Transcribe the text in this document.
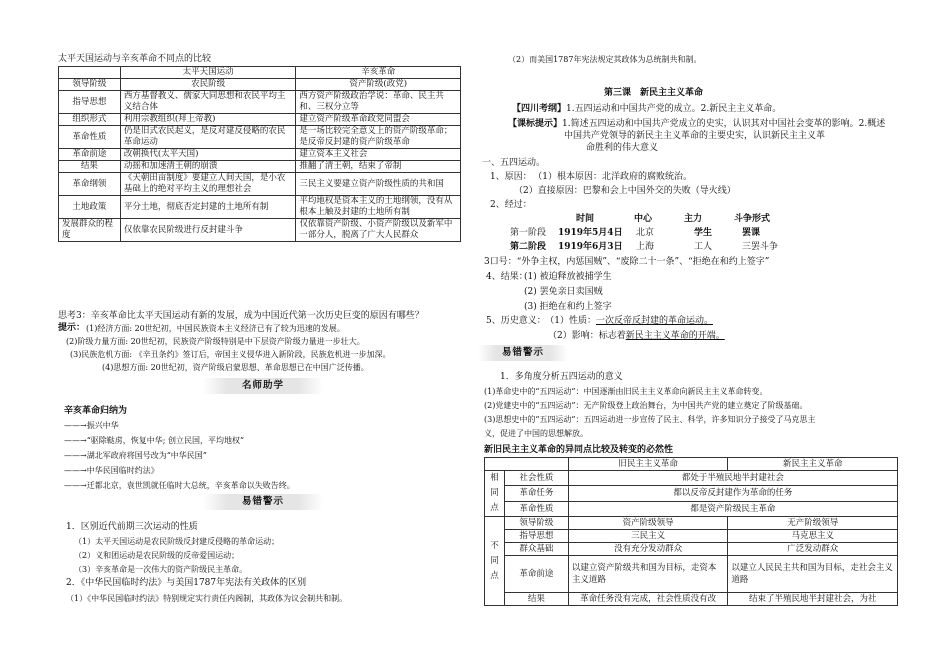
太平天国运动与辛亥革命不同点的比较
	太平天国运动	辛亥革命
领导阶级	农民阶级	资产阶级(政党)
指导思想	西方基督教义、儒家大同思想和农民平均主义结合体	西方资产阶级政治学说：革命、民主共和、三权分立等
组织形式	利用宗教组织(拜上帝教)	建立资产阶级革命政党同盟会
革命性质	仍是旧式农民起义，是反对建反侵略的农民革命运动	是一场比较完全意义上的资产阶级革命；是反帝反封建的资产阶级革命
革命前途	改朝换代(太平天国)	建立资本主义社会
结果	动摇和加速清王朝的崩溃	推翻了清王朝，结束了帝制
革命纲领	《天朝田亩制度》要建立人间天国，是小农基础上的绝对平均主义的理想社会	三民主义要建立资产阶级性质的共和国
土地政策	平分土地，彻底否定封建的土地所有制	平均地权是资本主义的土地纲领，没有从根本上触及封建的土地所有制
发展群众的程度	仅依靠农民阶级进行反封建斗争	仅依靠资产阶级、小资产阶级以及新军中一部分人，脱离了广大人民群众
思考3：辛亥革命比太平天国运动有新的发展，成为中国近代第一次历史巨变的原因有哪些？
提示： (1)经济方面: 20世纪初，中国民族资本主义经济已有了较为迅速的发展。
(2)阶级力量方面: 20世纪初，民族资产阶级特别是中下层资产阶级力量进一步壮大。
(3)民族危机方面: 《辛丑条约》签订后，帝国主义侵华进入新阶段，民族危机进一步加深。
(4)思想方面: 20世纪初，资产阶级启蒙思想、革命思想已在中国广泛传播。
名师助学
辛亥革命归纳为
——→振兴中华
——→“驱除鞑虏，恢复中华; 创立民国，平均地权”
——→湖北军政府将国号改为“中华民国”
——→中华民国临时约法》
——→迁都北京，袁世凯就任临时大总统，辛亥革命以失败告终。
易错警示
1．区别近代前期三次运动的性质
（1）太平天国运动是农民阶级反封建反侵略的革命运动；
（2）义和团运动是农民阶级的反帝爱国运动；
（3）辛亥革命是一次伟大的资产阶级民主革命。
2．《中华民国临时约法》与美国1787年宪法有关政体的区别
（1）《中华民国临时约法》特别规定实行责任内阁制，其政体为议会制共和制。
（2）而美国1787年宪法规定其政体为总统制共和制。
第三课　新民主主义革命
【四川考纲】1.五四运动和中国共产党的成立。2.新民主主义革命。
【课标提示】1.简述五四运动和中国共产党成立的史实，认识其对中国社会变革的影响。2.概述
中国共产党领导的新民主主义革命的主要史实，认识新民主主义革
命胜利的伟大意义
一、五四运动。
1、原因： （1）根本原因：北洋政府的腐败统治。
（2）直接原因：巴黎和会上中国外交的失败（导火线）
2、经过：
时间	中心	主力	斗争形式
第一阶段 1919年5月4日 北京	学生	罢课
第二阶段 1919年6月3日 上海	工人	三罢斗争
3口号：“外争主权，内惩国贼”、“废除二十一条”、“拒绝在和约上签字”
4、结果：
(1) 被迫释放被捕学生
(2) 罢免亲日卖国贼
(3) 拒绝在和约上签字
5、历史意义： （1）性质：一次反帝反封建的革命运动。
（2）影响：标志着新民主主义革命的开端。
易错警示
1．多角度分析五四运动的意义
(1)革命史中的“五四运动”：中国逐渐由旧民主主义革命向新民主主义革命转变。
(2)党建史中的“五四运动”：无产阶级登上政治舞台，为中国共产党的建立奠定了阶级基础。
(3)思想史中的“五四运动”：五四运动进一步宣传了民主、科学，许多知识分子接受了马克思主
义，促进了中国的思想解放。
新旧民主主义革命的异同点比较及转变的必然性
		旧民主主义革命	新民主主义革命
相同点	社会性质	都处于半殖民地半封建社会	
	革命任务	都以反帝反封建作为革命的任务	
	革命性质	都是资产阶级民主革命	
不同点	领导阶级	资产阶级领导	无产阶级领导
	指导思想	三民主义	马克思主义
	群众基础	没有充分发动群众	广泛发动群众
	革命前途	以建立资产阶级共和国为目标，走资本主义道路	以建立人民民主共和国为目标，走社会主义道路
	结果	革命任务没有完成，社会性质没有改	结束了半殖民地半封建社会，为社
